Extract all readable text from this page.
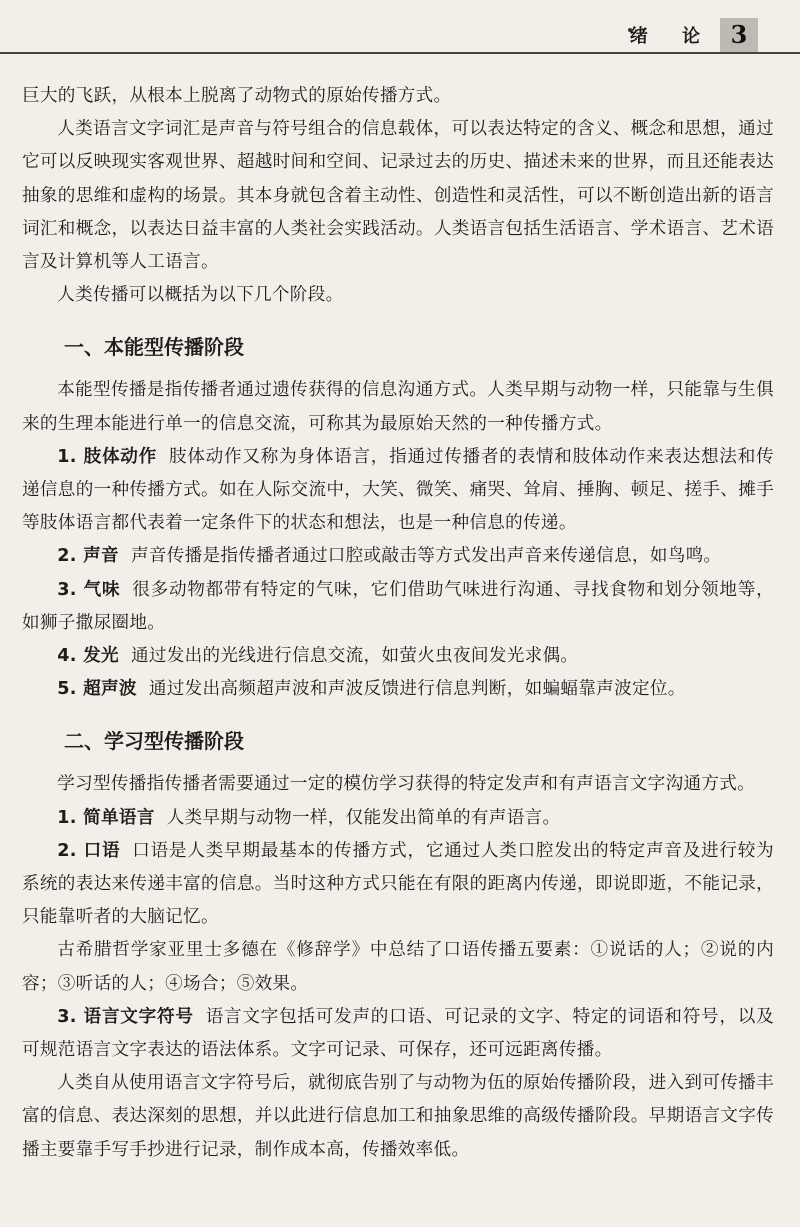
绪 论 3

巨大的飞跃，从根本上脱离了动物式的原始传播方式。

人类语言文字词汇是声音与符号组合的信息载体，可以表达特定的含义、概念和思想，通过它可以反映现实客观世界、超越时间和空间、记录过去的历史、描述未来的世界，而且还能表达抽象的思维和虚构的场景。其本身就包含着主动性、创造性和灵活性，可以不断创造出新的语言词汇和概念，以表达日益丰富的人类社会实践活动。人类语言包括生活语言、学术语言、艺术语言及计算机等人工语言。

人类传播可以概括为以下几个阶段。

一、本能型传播阶段

本能型传播是指传播者通过遗传获得的信息沟通方式。人类早期与动物一样，只能靠与生俱来的生理本能进行单一的信息交流，可称其为最原始天然的一种传播方式。

1. 肢体动作 肢体动作又称为身体语言，指通过传播者的表情和肢体动作来表达想法和传递信息的一种传播方式。如在人际交流中，大笑、微笑、痛哭、耸肩、捶胸、顿足、搓手、摊手等肢体语言都代表着一定条件下的状态和想法，也是一种信息的传递。

2. 声音 声音传播是指传播者通过口腔或敲击等方式发出声音来传递信息，如鸟鸣。

3. 气味 很多动物都带有特定的气味，它们借助气味进行沟通、寻找食物和划分领地等，如狮子撒尿圈地。

4. 发光 通过发出的光线进行信息交流，如萤火虫夜间发光求偶。

5. 超声波 通过发出高频超声波和声波反馈进行信息判断，如蝙蝠靠声波定位。

二、学习型传播阶段

学习型传播指传播者需要通过一定的模仿学习获得的特定发声和有声语言文字沟通方式。

1. 简单语言 人类早期与动物一样，仅能发出简单的有声语言。

2. 口语 口语是人类早期最基本的传播方式，它通过人类口腔发出的特定声音及进行较为系统的表达来传递丰富的信息。当时这种方式只能在有限的距离内传递，即说即逝，不能记录，只能靠听者的大脑记忆。

古希腊哲学家亚里士多德在《修辞学》中总结了口语传播五要素：①说话的人；②说的内容；③听话的人；④场合；⑤效果。

3. 语言文字符号 语言文字包括可发声的口语、可记录的文字、特定的词语和符号，以及可规范语言文字表达的语法体系。文字可记录、可保存，还可远距离传播。

人类自从使用语言文字符号后，就彻底告别了与动物为伍的原始传播阶段，进入到可传播丰富的信息、表达深刻的思想，并以此进行信息加工和抽象思维的高级传播阶段。早期语言文字传播主要靠手写手抄进行记录，制作成本高，传播效率低。
